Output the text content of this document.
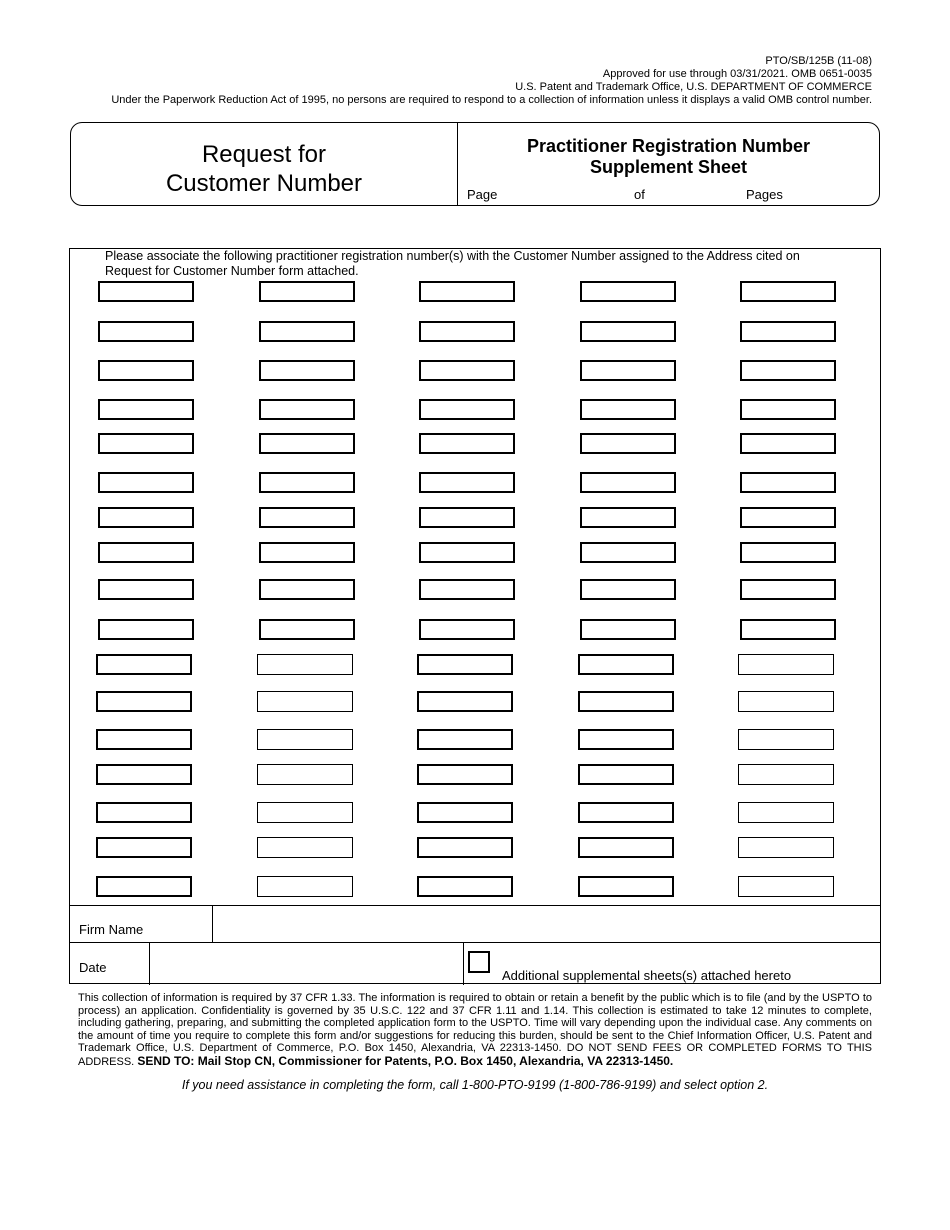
PTO/SB/125B (11-08)
Approved for use through 03/31/2021. OMB 0651-0035
U.S. Patent and Trademark Office, U.S. DEPARTMENT OF COMMERCE
Under the Paperwork Reduction Act of 1995, no persons are required to respond to a collection of information unless it displays a valid OMB control number.
Request for
Customer Number
Practitioner Registration Number
Supplement Sheet
Page	of	Pages
Please associate the following practitioner registration number(s) with the Customer Number assigned to the Address cited on Request for Customer Number form attached.
Firm Name
Date
Additional supplemental sheets(s) attached hereto
This collection of information is required by 37 CFR 1.33. The information is required to obtain or retain a benefit by the public which is to file (and by the USPTO to process) an application. Confidentiality is governed by 35 U.S.C. 122 and 37 CFR 1.11 and 1.14. This collection is estimated to take 12 minutes to complete, including gathering, preparing, and submitting the completed application form to the USPTO. Time will vary depending upon the individual case. Any comments on the amount of time you require to complete this form and/or suggestions for reducing this burden, should be sent to the Chief Information Officer, U.S. Patent and Trademark Office, U.S. Department of Commerce, P.O. Box 1450, Alexandria, VA 22313-1450. DO NOT SEND FEES OR COMPLETED FORMS TO THIS ADDRESS. SEND TO: Mail Stop CN, Commissioner for Patents, P.O. Box 1450, Alexandria, VA 22313-1450.
If you need assistance in completing the form, call 1-800-PTO-9199 (1-800-786-9199) and select option 2.
